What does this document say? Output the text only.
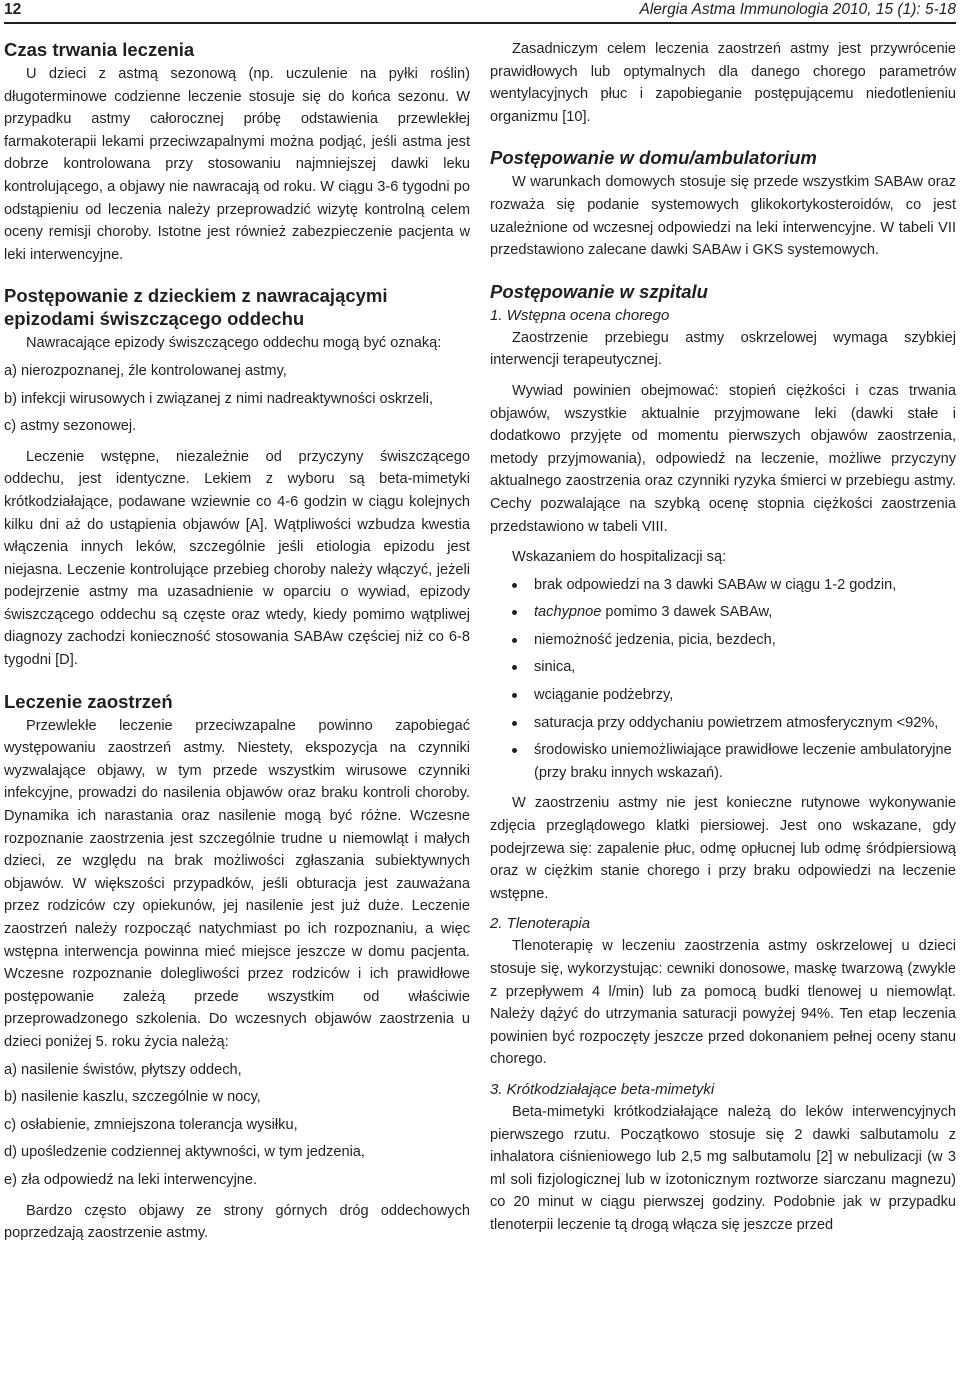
12	Alergia Astma Immunologia 2010, 15 (1): 5-18
Czas trwania leczenia

U dzieci z astmą sezonową (np. uczulenie na pyłki roślin) długoterminowe codzienne leczenie stosuje się do końca sezonu. W przypadku astmy całorocznej próbę odstawienia przewlekłej farmakoterapii lekami przeciwzapalnymi można podjąć, jeśli astma jest dobrze kontrolowana przy stosowaniu najmniejszej dawki leku kontrolującego, a objawy nie nawracają od roku. W ciągu 3-6 tygodni po odstąpieniu od leczenia należy przeprowadzić wizytę kontrolną celem oceny remisji choroby. Istotne jest również zabezpieczenie pacjenta w leki interwencyjne.

Postępowanie z dzieckiem z nawracającymi epizodami świszczącego oddechu

Nawracające epizody świszczącego oddechu mogą być oznaką:

a) nierozpoznanej, źle kontrolowanej astmy,
b) infekcji wirusowych i związanej z nimi nadreaktywności oskrzeli,
c) astmy sezonowej.

Leczenie wstępne, niezależnie od przyczyny świszczącego oddechu, jest identyczne. Lekiem z wyboru są beta-mimetyki krótkodziałające, podawane wziewnie co 4-6 godzin w ciągu kolejnych kilku dni aż do ustąpienia objawów [A]. Wątpliwości wzbudza kwestia włączenia innych leków, szczególnie jeśli etiologia epizodu jest niejasna. Leczenie kontrolujące przebieg choroby należy włączyć, jeżeli podejrzenie astmy ma uzasadnienie w oparciu o wywiad, epizody świszczącego oddechu są częste oraz wtedy, kiedy pomimo wątpliwej diagnozy zachodzi konieczność stosowania SABAw częściej niż co 6-8 tygodni [D].

Leczenie zaostrzeń

Przewlekłe leczenie przeciwzapalne powinno zapobiegać występowaniu zaostrzeń astmy. Niestety, ekspozycja na czynniki wyzwalające objawy, w tym przede wszystkim wirusowe czynniki infekcyjne, prowadzi do nasilenia objawów oraz braku kontroli choroby. Dynamika ich narastania oraz nasilenie mogą być różne. Wczesne rozpoznanie zaostrzenia jest szczególnie trudne u niemowląt i małych dzieci, ze względu na brak możliwości zgłaszania subiektywnych objawów. W większości przypadków, jeśli obturacja jest zauważana przez rodziców czy opiekunów, jej nasilenie jest już duże. Leczenie zaostrzeń należy rozpocząć natychmiast po ich rozpoznaniu, a więc wstępna interwencja powinna mieć miejsce jeszcze w domu pacjenta. Wczesne rozpoznanie dolegliwości przez rodziców i ich prawidłowe postępowanie zależą przede wszystkim od właściwie przeprowadzonego szkolenia. Do wczesnych objawów zaostrzenia u dzieci poniżej 5. roku życia należą:

a) nasilenie świstów, płytszy oddech,
b) nasilenie kaszlu, szczególnie w nocy,
c) osłabienie, zmniejszona tolerancja wysiłku,
d) upośledzenie codziennej aktywności, w tym jedzenia,
e) zła odpowiedź na leki interwencyjne.

Bardzo często objawy ze strony górnych dróg oddechowych poprzedzają zaostrzenie astmy.

Zasadniczym celem leczenia zaostrzeń astmy jest przywrócenie prawidłowych lub optymalnych dla danego chorego parametrów wentylacyjnych płuc i zapobieganie postępującemu niedotlenieniu organizmu [10].

Postępowanie w domu/ambulatorium

W warunkach domowych stosuje się przede wszystkim SABAw oraz rozważa się podanie systemowych glikokortykosteroidów, co jest uzależnione od wczesnej odpowiedzi na leki interwencyjne. W tabeli VII przedstawiono zalecane dawki SABAw i GKS systemowych.

Postępowanie w szpitalu
1. Wstępna ocena chorego

Zaostrzenie przebiegu astmy oskrzelowej wymaga szybkiej interwencji terapeutycznej.

Wywiad powinien obejmować: stopień ciężkości i czas trwania objawów, wszystkie aktualnie przyjmowane leki (dawki stałe i dodatkowo przyjęte od momentu pierwszych objawów zaostrzenia, metody przyjmowania), odpowiedź na leczenie, możliwe przyczyny aktualnego zaostrzenia oraz czynniki ryzyka śmierci w przebiegu astmy. Cechy pozwalające na szybką ocenę stopnia ciężkości zaostrzenia przedstawiono w tabeli VIII.

Wskazaniem do hospitalizacji są:

brak odpowiedzi na 3 dawki SABAw w ciągu 1-2 godzin,
tachypnoe pomimo 3 dawek SABAw,
niemożność jedzenia, picia, bezdech,
sinica,
wciąganie podżebrzy,
saturacja przy oddychaniu powietrzem atmosferycznym <92%,
środowisko uniemożliwiające prawidłowe leczenie ambulatoryjne (przy braku innych wskazań).

W zaostrzeniu astmy nie jest konieczne rutynowe wykonywanie zdjęcia przeglądowego klatki piersiowej. Jest ono wskazane, gdy podejrzewa się: zapalenie płuc, odmę opłucnej lub odmę śródpiersiową oraz w ciężkim stanie chorego i przy braku odpowiedzi na leczenie wstępne.

2. Tlenoterapia

Tlenoterapię w leczeniu zaostrzenia astmy oskrzelowej u dzieci stosuje się, wykorzystując: cewniki donosowe, maskę twarzową (zwykle z przepływem 4 l/min) lub za pomocą budki tlenowej u niemowląt. Należy dążyć do utrzymania saturacji powyżej 94%. Ten etap leczenia powinien być rozpoczęty jeszcze przed dokonaniem pełnej oceny stanu chorego.

3. Krótkodziałające beta-mimetyki

Beta-mimetyki krótkodziałające należą do leków interwencyjnych pierwszego rzutu. Początkowo stosuje się 2 dawki salbutamolu z inhalatora ciśnieniowego lub 2,5 mg salbutamolu [2] w nebulizacji (w 3 ml soli fizjologicznej lub w izotonicznym roztworze siarczanu magnezu) co 20 minut w ciągu pierwszej godziny. Podobnie jak w przypadku tlenoterpii leczenie tą drogą włącza się jeszcze przed
